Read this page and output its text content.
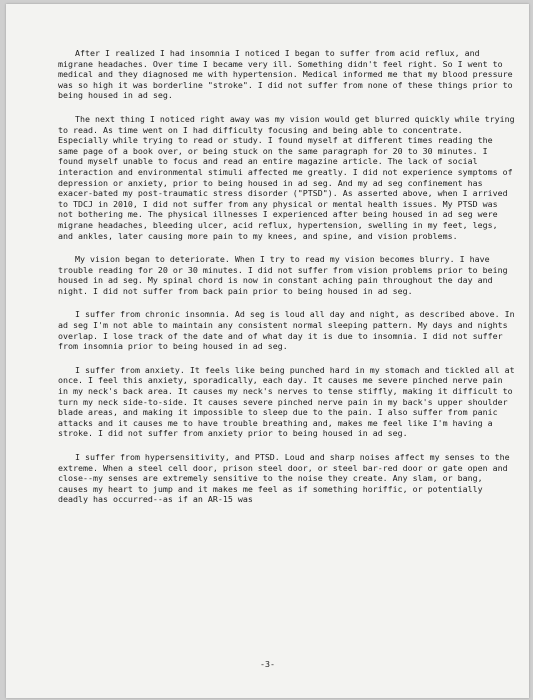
After I realized I had insomnia I noticed I began to suffer from acid reflux, and migrane headaches. Over time I became very ill. Something didn't feel right. So I went to medical and they diagnosed me with hypertension. Medical informed me that my blood pressure was so high it was borderline "stroke". I did not suffer from none of these things prior to being housed in ad seg.

The next thing I noticed right away was my vision would get blurred quickly while trying to read. As time went on I had difficulty focusing and being able to concentrate. Especially while trying to read or study. I found myself at different times reading the same page of a book over, or being stuck on the same paragraph for 20 to 30 minutes. I found myself unable to focus and read an entire magazine article. The lack of social interaction and environmental stimuli affected me greatly. I did not experience symptoms of depression or anxiety, prior to being housed in ad seg. And my ad seg confinement has exacer-bated my post-traumatic stress disorder ("PTSD"). As asserted above, when I arrived to TDCJ in 2010, I did not suffer from any physical or mental health issues. My PTSD was not bothering me. The physical illnesses I experienced after being housed in ad seg were migrane headaches, bleeding ulcer, acid reflux, hypertension, swelling in my feet, legs, and ankles, later causing more pain to my knees, and spine, and vision problems.

My vision began to deteriorate. When I try to read my vision becomes blurry. I have trouble reading for 20 or 30 minutes. I did not suffer from vision problems prior to being housed in ad seg. My spinal chord is now in constant aching pain throughout the day and night. I did not suffer from back pain prior to being housed in ad seg.

I suffer from chronic insomnia. Ad seg is loud all day and night, as described above. In ad seg I'm not able to maintain any consistent normal sleeping pattern. My days and nights overlap. I lose track of the date and of what day it is due to insomnia. I did not suffer from insomnia prior to being housed in ad seg.

I suffer from anxiety. It feels like being punched hard in my stomach and tickled all at once. I feel this anxiety, sporadically, each day. It causes me severe pinched nerve pain in my neck's back area. It causes my neck's nerves to tense stiffly, making it difficult to turn my neck side-to-side. It causes severe pinched nerve pain in my back's upper shoulder blade areas, and making it impossible to sleep due to the pain. I also suffer from panic attacks and it causes me to have trouble breathing and, makes me feel like I'm having a stroke. I did not suffer from anxiety prior to being housed in ad seg.

I suffer from hypersensitivity, and PTSD. Loud and sharp noises affect my senses to the extreme. When a steel cell door, prison steel door, or steel bar-red door or gate open and close--my senses are extremely sensitive to the noise they create. Any slam, or bang, causes my heart to jump and it makes me feel as if something horiffic, or potentially deadly has occurred--as if an AR-15 was

-3-
